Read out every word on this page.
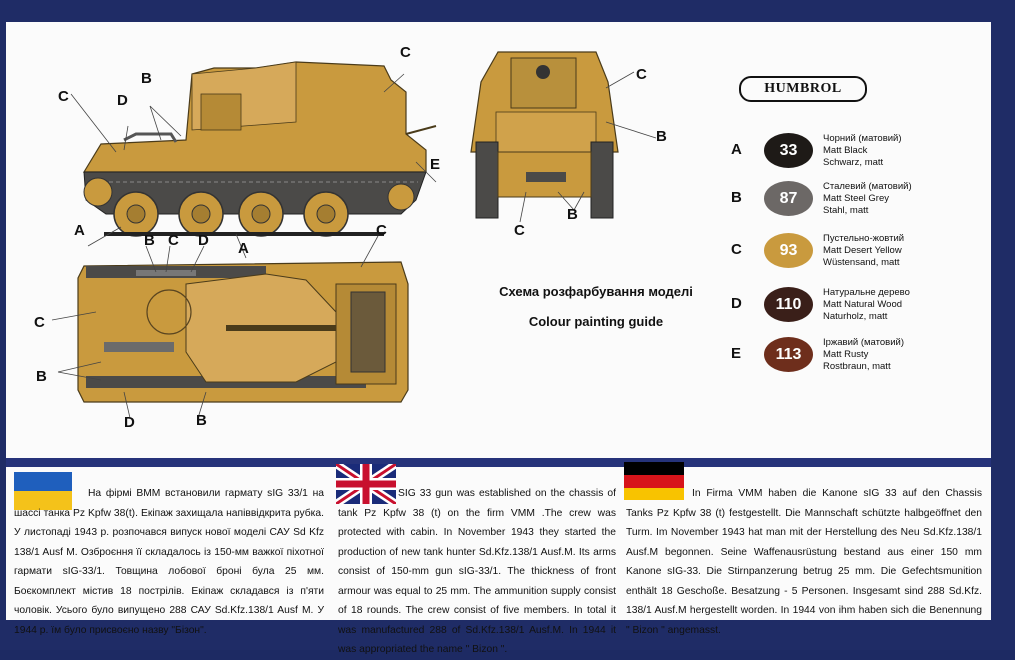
C	D
B
C
E
A
A
C
B
C
B
B C D
C
C
B
D	B
Схема розфарбування моделі
Colour painting guide
HUMBROL
A	33
Чорний (матовий)
Matt Black
Schwarz, matt
B	87
Сталевий (матовий)
Matt Steel Grey
Stahl, matt
C	93
Пустельно-жовтий
Matt Desert Yellow
Wüstensand, matt
D	110
Натуральне дерево
Matt Natural Wood
Naturholz, matt
E	113
Іржавий (матовий)
Matt Rusty
Rostbraun, matt
На фірмі ВММ встановили гармату sIG 33/1 на шассі танка Pz Kpfw 38(t). Екіпаж захищала напіввідкрита рубка. У листопаді 1943 р. розпочався випуск нової моделі САУ Sd Kfz 138/1 Ausf M. Озброєння її складалось із 150-мм важкої піхотної гармати sIG-33/1. Товщина лобової броні була 25 мм. Боєкомплект містив 18 пострілів. Екіпаж складався із п'яти чоловік. Усього було випущено 288 САУ Sd.Kfz.138/1 Ausf M. У 1944 р. їм було присвоєно назву "Бізон".
SIG 33 gun was established on the chassis of tank Pz Kpfw 38 (t) on the firm VMM .The crew was protected with cabin. In November 1943 they started the production of new tank hunter Sd.Kfz.138/1 Ausf.M. Its arms consist of 150-mm gun sIG-33/1. The thickness of front armour was equal to 25 mm. The ammunition supply consist of 18 rounds. The crew consist of five members. In total it was manufactured 288 of Sd.Kfz.138/1 Ausf.M. In 1944 it was appropriated the name " Bizon ".
In Firma VMM haben die Kanone sIG 33 auf den Chassis Tanks Pz Kpfw 38 (t) festgestellt. Die Mannschaft schützte halbgeöffnet den Turm. Im November 1943 hat man mit der Herstellung des Neu Sd.Kfz.138/1 Ausf.M begonnen. Seine Waffenausrüstung bestand aus einer 150 mm Kanone sIG-33. Die Stirnpanzerung betrug 25 mm. Die Gefechtsmunition enthält 18 Geschoße. Besatzung - 5 Personen. Insgesamt sind 288 Sd.Kfz. 138/1 Ausf.M hergestellt worden. In 1944 von ihm haben sich die Benennung " Bizon " angemasst.
